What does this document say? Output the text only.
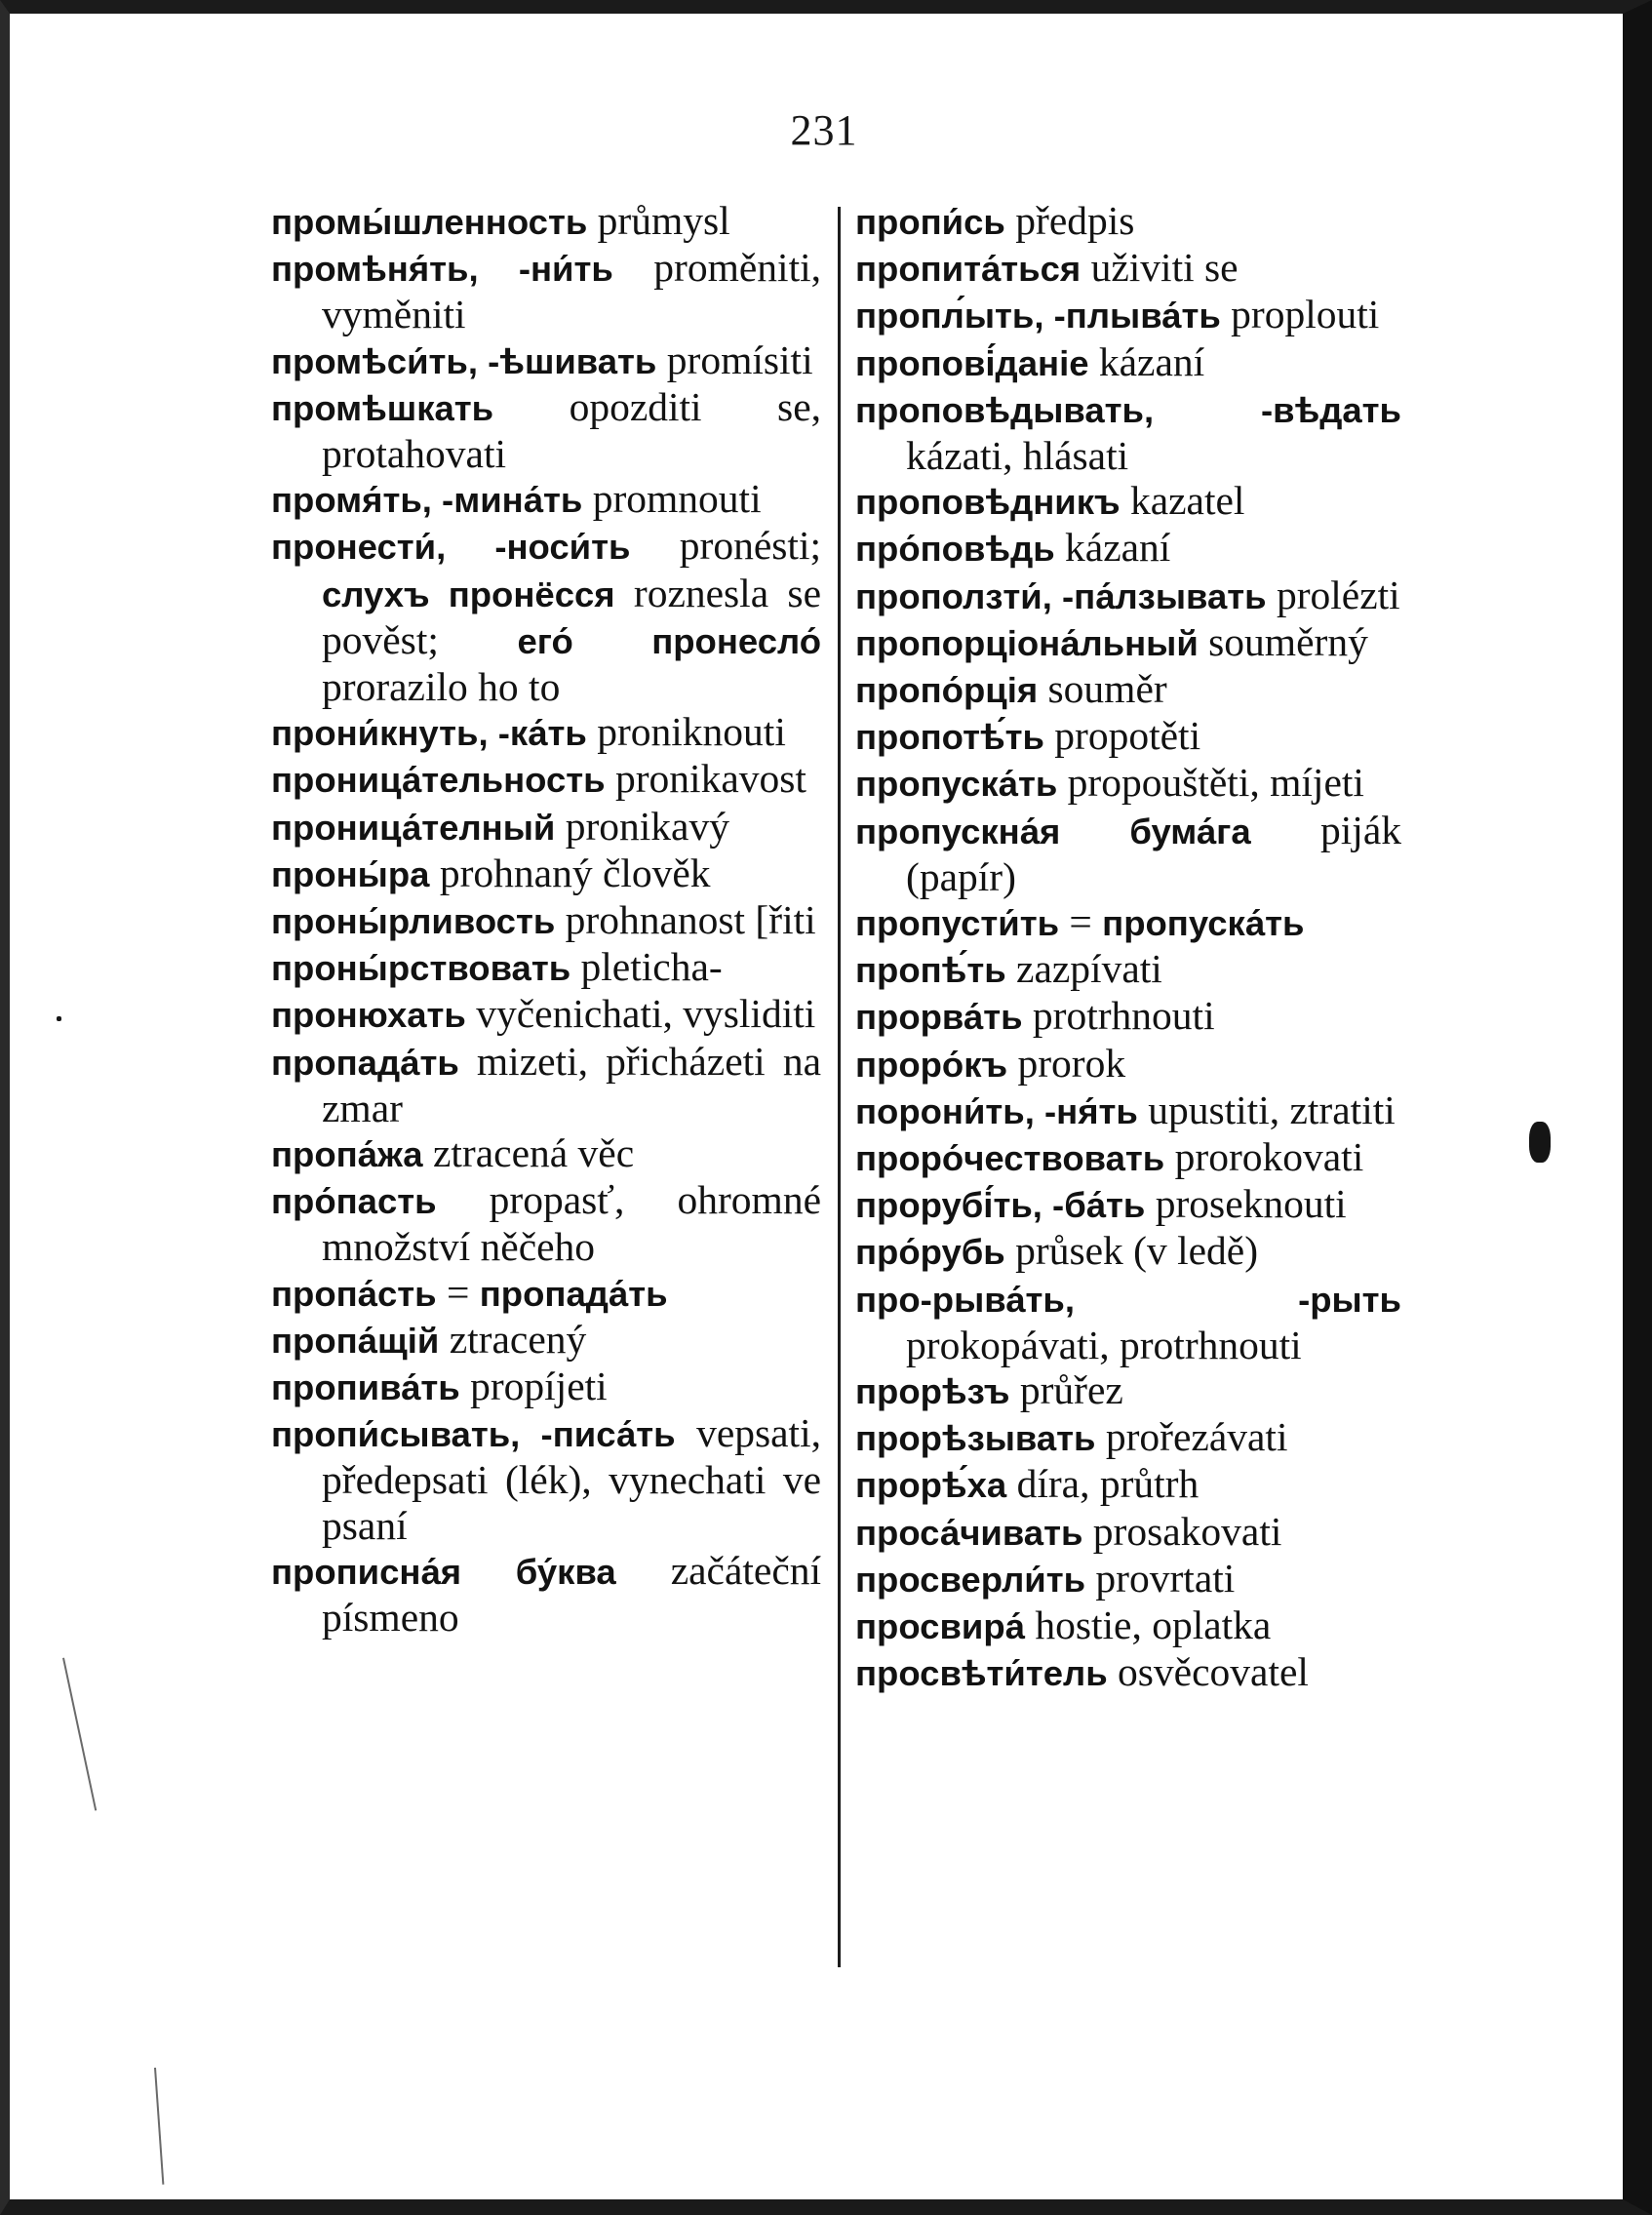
231

промы́шленность průmysl

промѣня́ть, -ни́ть proměniti, vyměniti

промѣси́ть, -ѣшивать promísiti

промѣшкать opozditi se, protahovati

промя́ть, -мина́ть promnouti

пронести́, -носи́ть pronésti; слухъ пронёсся roznesla se pověst; его́ пронесло́ prorazilo ho to

прони́кнуть, -ка́ть proniknouti

проница́тельность pronikavost

проница́телный pronikavý

проны́ра prohnaný člověk

проны́рливость prohnanost [řiti

проны́рствовать pleticha-

пронюхать vyčenichati, vysliditi

пропада́ть mizeti, přicházeti na zmar

пропа́жа ztracená věc

про́пасть propasť, ohromné množství něčeho

пропа́сть = пропада́ть

пропа́щій ztracený

пропива́ть propíjeti

пропи́сывать, -писа́ть vepsati, předepsati (lék), vynechati ve psaní

прописна́я бу́ква začáteční písmeno

пропи́сь předpis

пропита́ться uživiti se

пропл́ыть, -плыва́ть proplouti

пропові́даніе kázaní

проповѣдывать, -вѣдать kázati, hlásati

проповѣдникъ kazatel

про́повѣдь kázaní

проползти́, -па́лзывать prolézti

пропорціона́льный souměrný

пропо́рція souměr

пропотѣ́ть propotěti

пропуска́ть propouštěti, míjeti

пропускна́я бума́га piják (papír)

пропусти́ть = пропуска́ть

пропѣ́ть zazpívati

прорва́ть protrhnouti

проро́къ prorok

порони́ть, -ня́ть upustiti, ztratiti

проро́чествовать prorokovati

прорубі́ть, -ба́ть proseknouti

про́рубь průsek (v ledě)

про-рыва́ть, -рыть prokopávati, protrhnouti

прорѣзъ průřez

прорѣзывать prořezávati

прорѣ́ха díra, průtrh

проса́чивать prosakovati

просверли́ть provrtati

просвира́ hostie, oplatka

просвѣти́тель osvěcovatel
